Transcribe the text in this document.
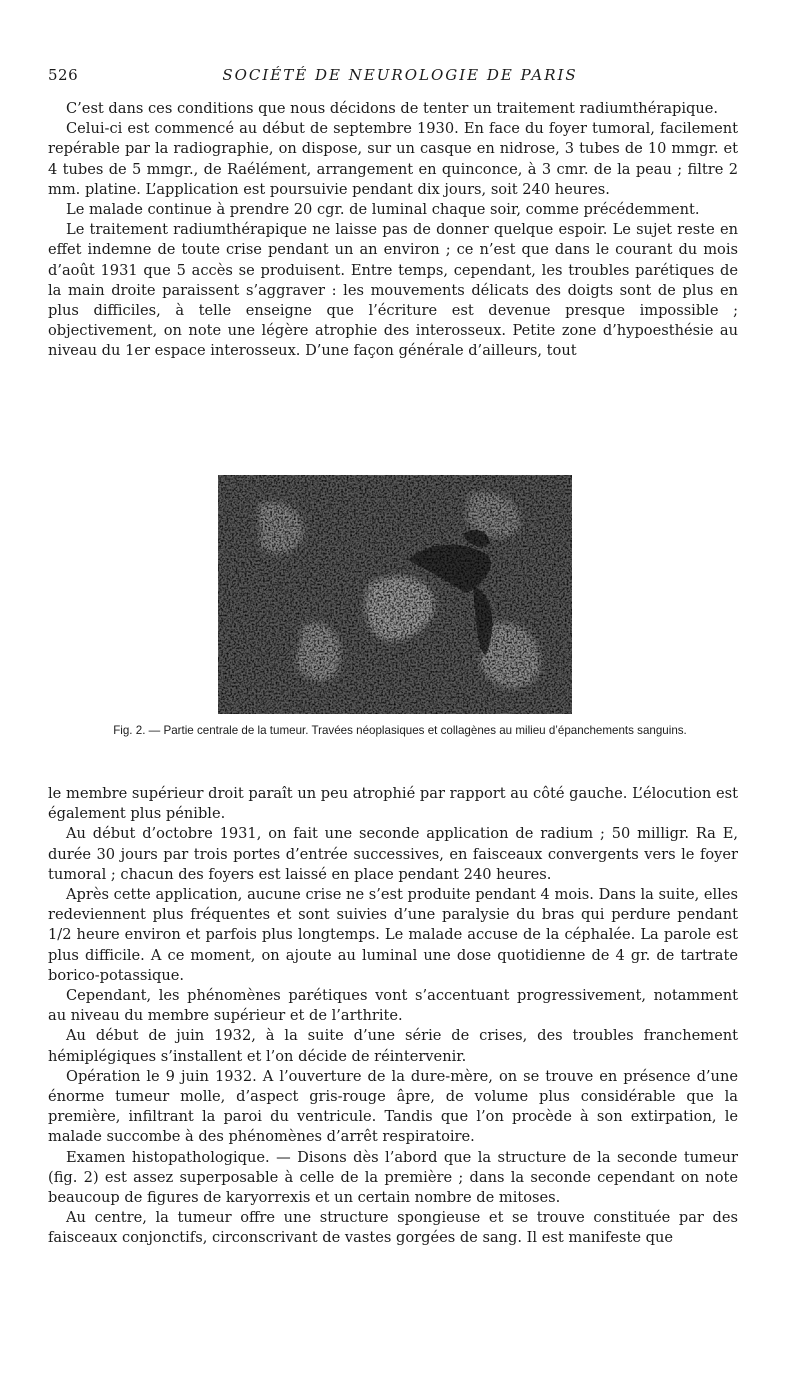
526	SOCIÉTÉ DE NEUROLOGIE DE PARIS

C’est dans ces conditions que nous décidons de tenter un traitement radiumthérapique.

Celui-ci est commencé au début de septembre 1930. En face du foyer tumoral, facilement repérable par la radiographie, on dispose, sur un casque en nidrose, 3 tubes de 10 mmgr. et 4 tubes de 5 mmgr., de Raélément, arrangement en quinconce, à 3 cmr. de la peau ; filtre 2 mm. platine. L’application est poursuivie pendant dix jours, soit 240 heures.

Le malade continue à prendre 20 cgr. de luminal chaque soir, comme précédemment.

Le traitement radiumthérapique ne laisse pas de donner quelque espoir. Le sujet reste en effet indemne de toute crise pendant un an environ ; ce n’est que dans le courant du mois d’août 1931 que 5 accès se produisent. Entre temps, cependant, les troubles parétiques de la main droite paraissent s’aggraver : les mouvements délicats des doigts sont de plus en plus difficiles, à telle enseigne que l’écriture est devenue presque impossible ; objectivement, on note une légère atrophie des interosseux. Petite zone d’hypoesthésie au niveau du 1er espace interosseux. D’une façon générale d’ailleurs, tout

Fig. 2. — Partie centrale de la tumeur. Travées néoplasiques et collagènes au milieu d’épanchements sanguins.

le membre supérieur droit paraît un peu atrophié par rapport au côté gauche. L’élocution est également plus pénible.

Au début d’octobre 1931, on fait une seconde application de radium ; 50 milligr. Ra E, durée 30 jours par trois portes d’entrée successives, en faisceaux convergents vers le foyer tumoral ; chacun des foyers est laissé en place pendant 240 heures.

Après cette application, aucune crise ne s’est produite pendant 4 mois. Dans la suite, elles redeviennent plus fréquentes et sont suivies d’une paralysie du bras qui perdure pendant 1/2 heure environ et parfois plus longtemps. Le malade accuse de la céphalée. La parole est plus difficile. A ce moment, on ajoute au luminal une dose quotidienne de 4 gr. de tartrate borico-potassique.

Cependant, les phénomènes parétiques vont s’accentuant progressivement, notamment au niveau du membre supérieur et de l’arthrite.

Au début de juin 1932, à la suite d’une série de crises, des troubles franchement hémiplégiques s’installent et l’on décide de réintervenir.

Opération le 9 juin 1932. A l’ouverture de la dure-mère, on se trouve en présence d’une énorme tumeur molle, d’aspect gris-rouge âpre, de volume plus considérable que la première, infiltrant la paroi du ventricule. Tandis que l’on procède à son extirpation, le malade succombe à des phénomènes d’arrêt respiratoire.

Examen histopathologique. — Disons dès l’abord que la structure de la seconde tumeur (fig. 2) est assez superposable à celle de la première ; dans la seconde cependant on note beaucoup de figures de karyorrexis et un certain nombre de mitoses.

Au centre, la tumeur offre une structure spongieuse et se trouve constituée par des faisceaux conjonctifs, circonscrivant de vastes gorgées de sang. Il est manifeste que
